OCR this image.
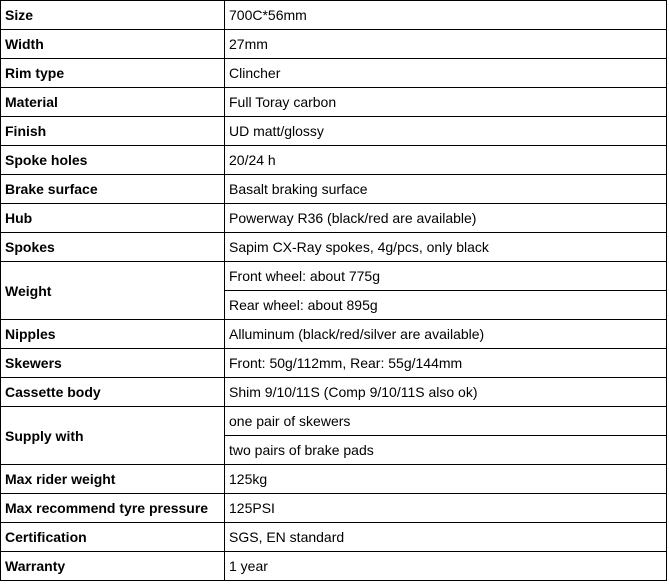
Size	700C*56mm
Width	27mm
Rim type	Clincher
Material	Full Toray carbon
Finish	UD matt/glossy
Spoke holes	20/24 h
Brake surface	Basalt braking surface
Hub	Powerway R36 (black/red are available)
Spokes	Sapim CX-Ray spokes, 4g/pcs, only black
Weight	Front wheel: about 775g
	Rear wheel: about 895g
Nipples	Alluminum (black/red/silver are available)
Skewers	Front: 50g/112mm, Rear: 55g/144mm
Cassette body	Shim 9/10/11S (Comp 9/10/11S also ok)
Supply with	one pair of skewers
	two pairs of brake pads
Max rider weight	125kg
Max recommend tyre pressure	125PSI
Certification	SGS, EN standard
Warranty	1 year
